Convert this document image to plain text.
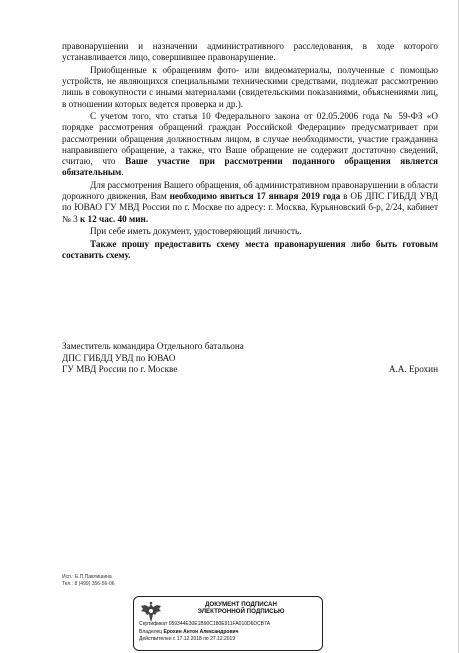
правонарушении и назначении административного расследования, в ходе которого устанавливается лицо, совершившее правонарушение.

Приобщенные к обращениям фото- или видеоматериалы, полученные с помощью устройств, не являющихся специальными техническими средствами, подлежат рассмотрению лишь в совокупности с иными материалами (свидетельскими показаниями, объяснениями лиц, в отношении которых ведется проверка и др.).

С учетом того, что статья 10 Федерального закона от 02.05.2006 года № 59-ФЗ «О порядке рассмотрения обращений граждан Российской Федерации» предусматривает при рассмотрении обращения должностным лицом, в случае необходимости, участие гражданина направившего обращение, а также, что Ваше обращение не содержит достаточно сведений, считаю, что Ваше участие при рассмотрении поданного обращения является обязательным.

Для рассмотрения Вашего обращения, об административном правонарушении в области дорожного движения, Вам необходимо явиться 17 января 2019 года в ОБ ДПС ГИБДД УВД по ЮВАО ГУ МВД России по г. Москве по адресу: г. Москва, Курьяновский б-р, 2/24, кабинет № 3 к 12 час. 40 мин.

При себе иметь документ, удостоверяющий личность.

Также прошу предоставить схему места правонарушения либо быть готовым составить схему.

Заместитель командира Отдельного батальона
ДПС ГИБДД УВД по ЮВАО
ГУ МВД России по г. Москве	А.А. Ерохин
Исп.: Е.П.Павлишина
Тел.: 8 (499) 356-56-06
ДОКУМЕНТ ПОДПИСАН
ЭЛЕКТРОННОЙ ПОДПИСЬЮ
Сертификат 059344E30E1B90C180E911FA010D6DCB7A
Владелец Ерохин Антон Александрович
Действителен с 17.12.2018 по 27.12.2019
